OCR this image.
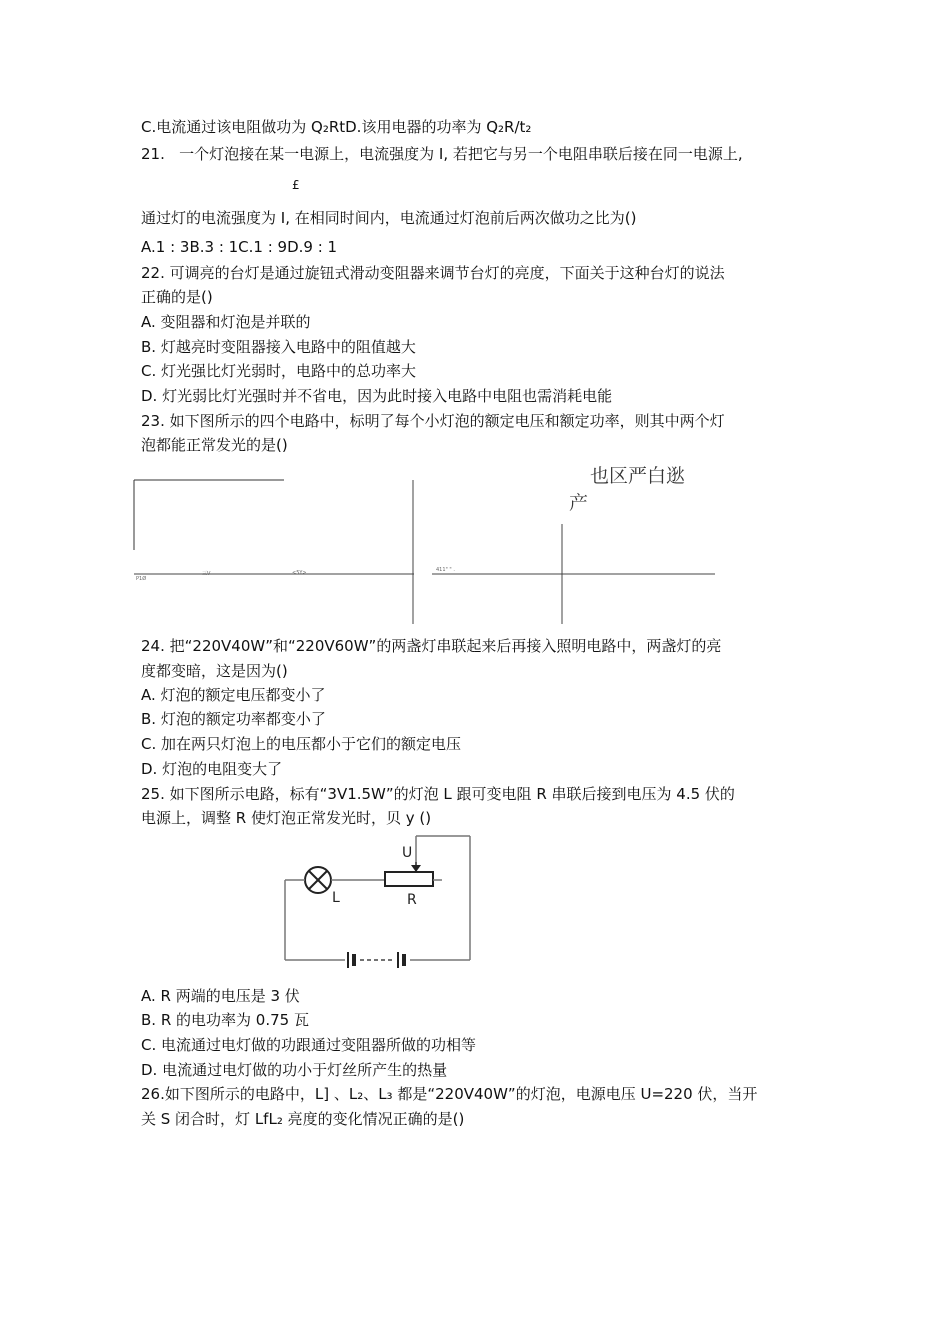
C.电流通过该电阻做功为 Q₂RtD.该用电器的功率为 Q₂R/t₂
21.   一个灯泡接在某一电源上，电流强度为 I, 若把它与另一个电阻串联后接在同一电源上,
£
通过灯的电流强度为 I, 在相同时间内，电流通过灯泡前后两次做功之比为()
A.1 : 3B.3 : 1C.1 : 9D.9 : 1
22. 可调亮的台灯是通过旋钮式滑动变阻器来调节台灯的亮度，下面关于这种台灯的说法
正确的是()
A. 变阻器和灯泡是并联的
B. 灯越亮时变阻器接入电路中的阻值越大
C. 灯光强比灯光弱时，电路中的总功率大
D. 灯光弱比灯光强时并不省电，因为此时接入电路中电阻也需消耗电能
23. 如下图所示的四个电路中，标明了每个小灯泡的额定电压和额定功率，则其中两个灯
泡都能正常发光的是()
也区严白逖
产
P1Ø
三V	<5Y>	411" " .
24. 把“220V40W”和“220V60W”的两盏灯串联起来后再接入照明电路中，两盏灯的亮
度都变暗，这是因为()
A. 灯泡的额定电压都变小了
B. 灯泡的额定功率都变小了
C. 加在两只灯泡上的电压都小于它们的额定电压
D. 灯泡的电阻变大了
25. 如下图所示电路，标有“3V1.5W”的灯泡 L 跟可变电阻 R 串联后接到电压为 4.5 伏的
电源上，调整 R 使灯泡正常发光时，贝 y ()
U
L	R
A. R 两端的电压是 3 伏
B. R 的电功率为 0.75 瓦
C. 电流通过电灯做的功跟通过变阻器所做的功相等
D. 电流通过电灯做的功小于灯丝所产生的热量
26.如下图所示的电路中，L] 、L₂、L₃ 都是“220V40W”的灯泡，电源电压 U=220 伏，当开
关 S 闭合时，灯 LfL₂ 亮度的变化情况正确的是()
